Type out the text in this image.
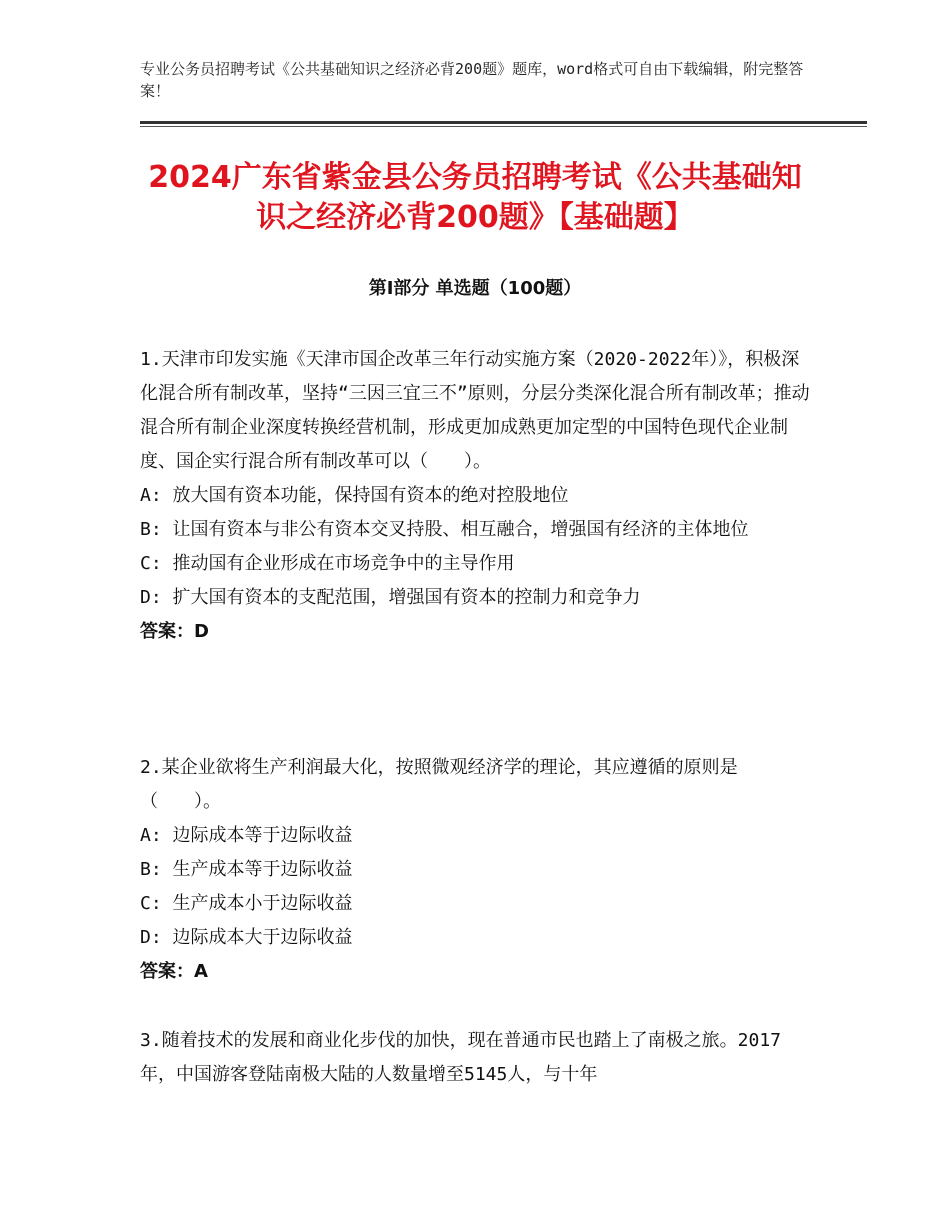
专业公务员招聘考试《公共基础知识之经济必背200题》题库，word格式可自由下载编辑，附完整答案！
2024广东省紫金县公务员招聘考试《公共基础知识之经济必背200题》【基础题】
第Ⅰ部分 单选题（100题）

1.天津市印发实施《天津市国企改革三年行动实施方案（2020-2022年）》，积极深化混合所有制改革，坚持“三因三宜三不”原则，分层分类深化混合所有制改革；推动混合所有制企业深度转换经营机制，形成更加成熟更加定型的中国特色现代企业制度、国企实行混合所有制改革可以（　　）。

A: 放大国有资本功能，保持国有资本的绝对控股地位

B: 让国有资本与非公有资本交叉持股、相互融合，增强国有经济的主体地位

C: 推动国有企业形成在市场竞争中的主导作用

D: 扩大国有资本的支配范围，增强国有资本的控制力和竞争力

答案：D

2.某企业欲将生产利润最大化，按照微观经济学的理论，其应遵循的原则是（　　）。

A: 边际成本等于边际收益

B: 生产成本等于边际收益

C: 生产成本小于边际收益

D: 边际成本大于边际收益

答案：A

3.随着技术的发展和商业化步伐的加快，现在普通市民也踏上了南极之旅。2017年，中国游客登陆南极大陆的人数量增至5145人，与十年
